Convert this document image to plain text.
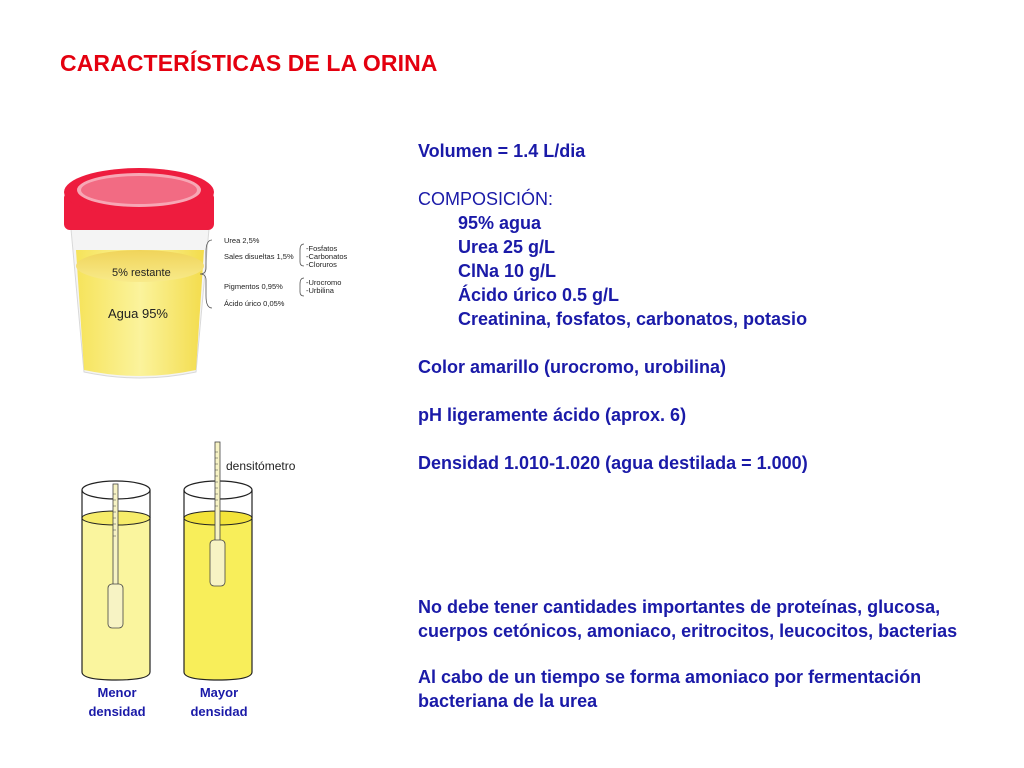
CARACTERÍSTICAS DE LA ORINA
Volumen = 1.4 L/dia
COMPOSICIÓN:
95% agua
Urea 25 g/L
ClNa 10 g/L
Ácido úrico 0.5 g/L
Creatinina, fosfatos, carbonatos, potasio
Color amarillo (urocromo, urobilina)
pH ligeramente ácido (aprox. 6)
Densidad 1.010-1.020 (agua destilada = 1.000)
No debe tener cantidades importantes de proteínas, glucosa,
cuerpos cetónicos, amoniaco, eritrocitos, leucocitos, bacterias
Al cabo de un tiempo se forma amoniaco por fermentación
bacteriana de la urea
5% restante
Agua 95%
Urea 2,5%
Sales disueltas 1,5%
-Fosfatos
-Carbonatos
-Cloruros
Pigmentos 0,95%	-Urocromo
-Urbilina
Ácido úrico 0,05%
densitómetro
Menor
densidad
Mayor
densidad
